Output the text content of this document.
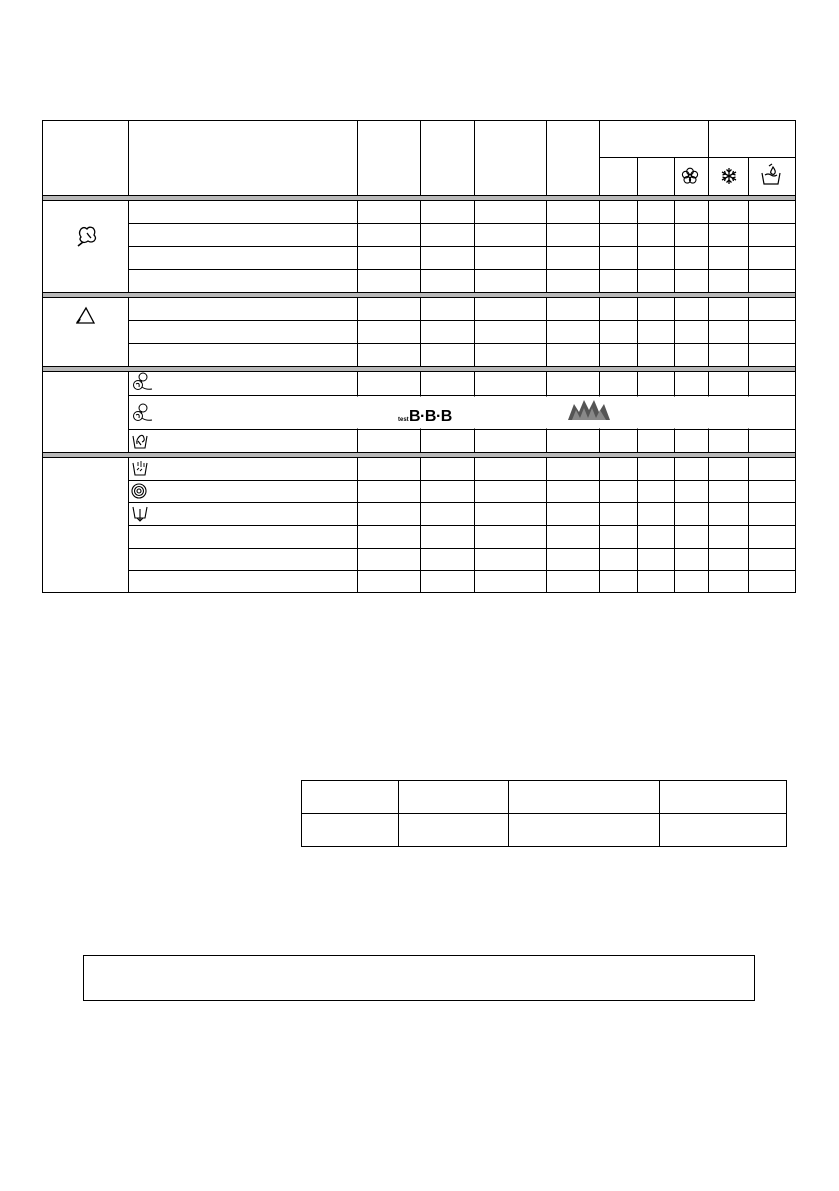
test B·B·B
